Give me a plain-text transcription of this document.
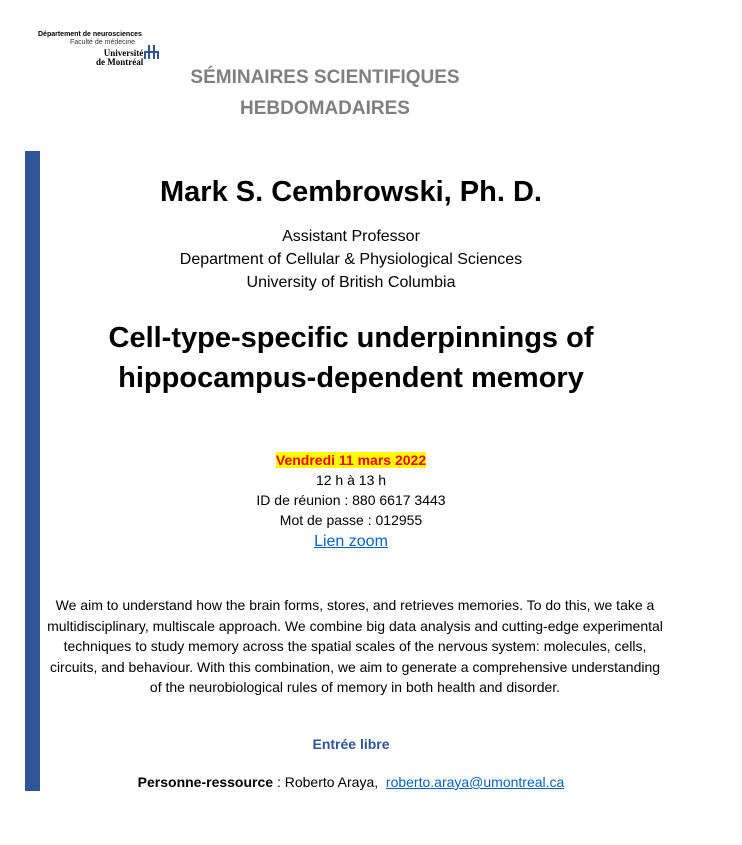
Département de neurosciences
Faculté de médecine
Université
de Montréal
SÉMINAIRES SCIENTIFIQUES
HEBDOMADAIRES
Mark S. Cembrowski, Ph. D.
Assistant Professor
Department of Cellular & Physiological Sciences
University of British Columbia
Cell-type-specific underpinnings of
hippocampus-dependent memory
Vendredi 11 mars 2022
12 h à 13 h
ID de réunion : 880 6617 3443
Mot de passe : 012955
Lien zoom
We aim to understand how the brain forms, stores, and retrieves memories. To do this, we take a multidisciplinary, multiscale approach. We combine big data analysis and cutting-edge experimental techniques to study memory across the spatial scales of the nervous system: molecules, cells, circuits, and behaviour. With this combination, we aim to generate a comprehensive understanding of the neurobiological rules of memory in both health and disorder.
Entrée libre
Personne-ressource : Roberto Araya, roberto.araya@umontreal.ca
